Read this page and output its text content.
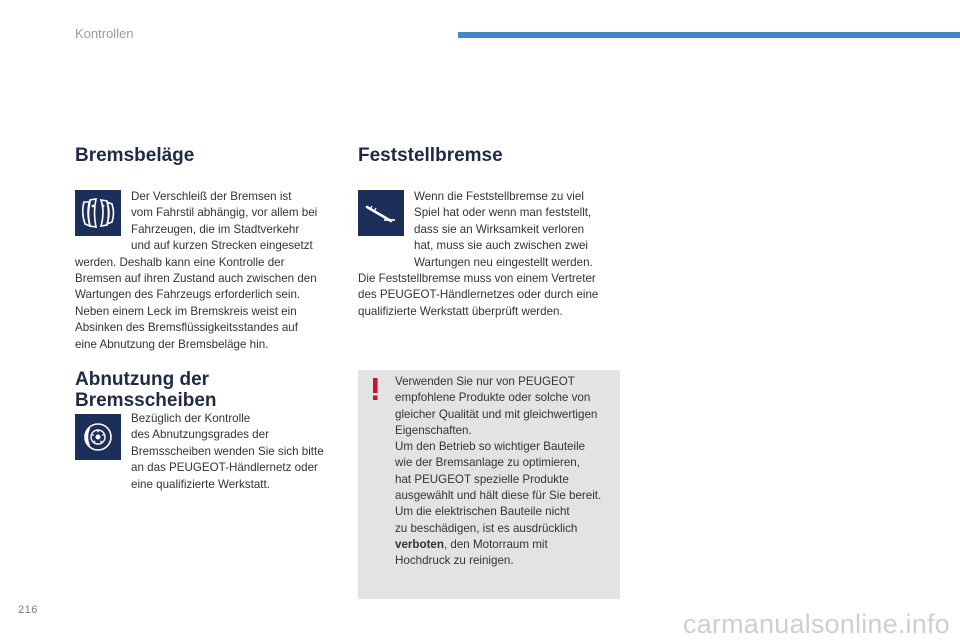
Kontrollen
Bremsbeläge
Der Verschleiß der Bremsen ist
vom Fahrstil abhängig, vor allem bei
Fahrzeugen, die im Stadtverkehr
und auf kurzen Strecken eingesetzt
werden. Deshalb kann eine Kontrolle der
Bremsen auf ihren Zustand auch zwischen den
Wartungen des Fahrzeugs erforderlich sein.
Neben einem Leck im Bremskreis weist ein
Absinken des Bremsflüssigkeitsstandes auf
eine Abnutzung der Bremsbeläge hin.
Abnutzung der
Bremsscheiben
Bezüglich der Kontrolle
des Abnutzungsgrades der
Bremsscheiben wenden Sie sich bitte
an das PEUGEOT-Händlernetz oder
eine qualifizierte Werkstatt.
Feststellbremse
Wenn die Feststellbremse zu viel
Spiel hat oder wenn man feststellt,
dass sie an Wirksamkeit verloren
hat, muss sie auch zwischen zwei
Wartungen neu eingestellt werden.
Die Feststellbremse muss von einem Vertreter
des PEUGEOT-Händlernetzes oder durch eine
qualifizierte Werkstatt überprüft werden.
Verwenden Sie nur von PEUGEOT
empfohlene Produkte oder solche von
gleicher Qualität und mit gleichwertigen
Eigenschaften.
Um den Betrieb so wichtiger Bauteile
wie der Bremsanlage zu optimieren,
hat PEUGEOT spezielle Produkte
ausgewählt und hält diese für Sie bereit.
Um die elektrischen Bauteile nicht
zu beschädigen, ist es ausdrücklich
verboten, den Motorraum mit
Hochdruck zu reinigen.
216	carmanualsonline.info
